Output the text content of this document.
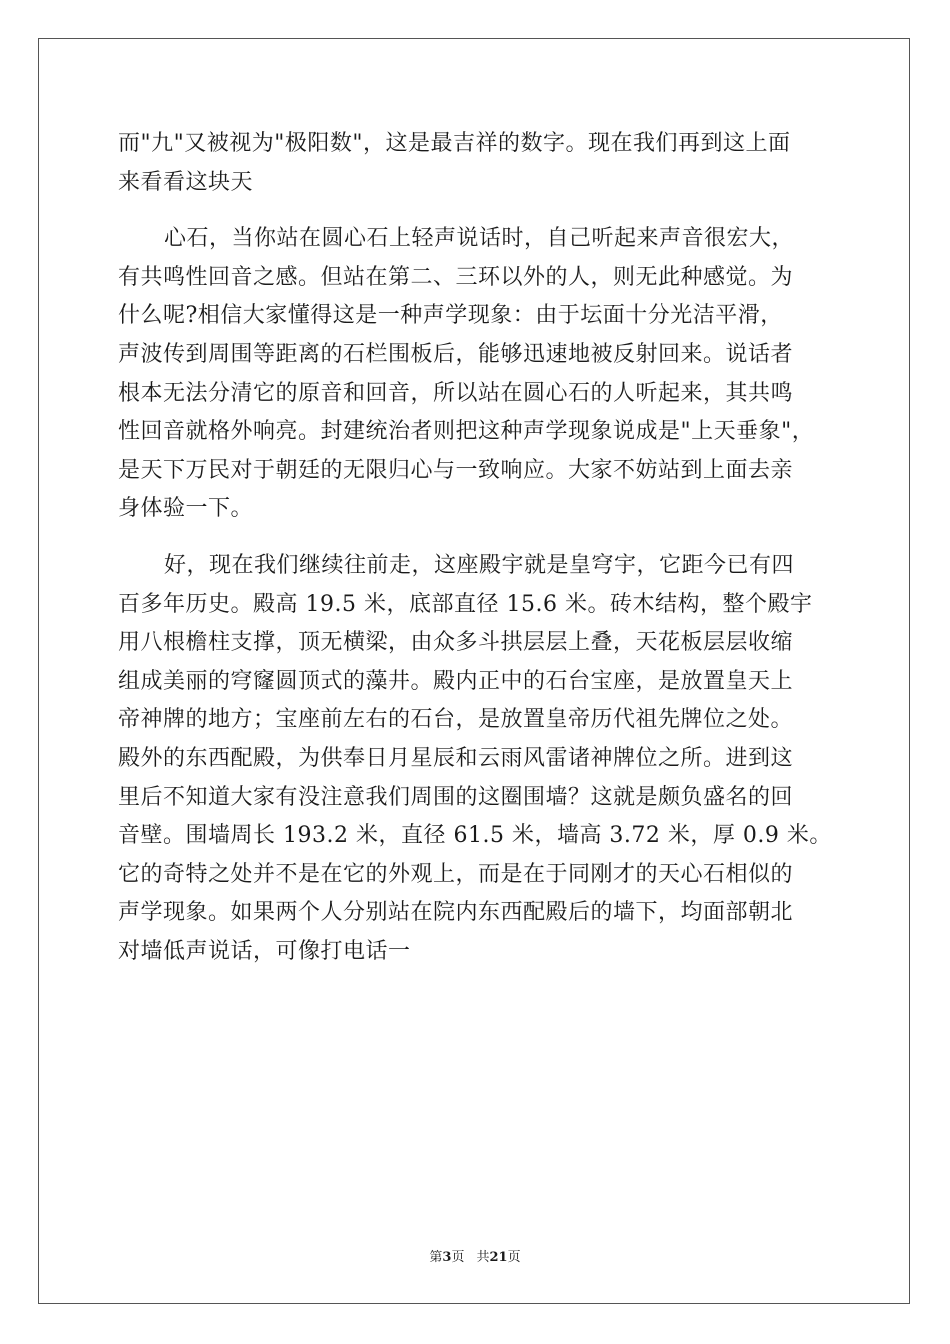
而"九"又被视为"极阳数"，这是最吉祥的数字。现在我们再到这上面
来看看这块天
心石，当你站在圆心石上轻声说话时，自己听起来声音很宏大，
有共鸣性回音之感。但站在第二、三环以外的人，则无此种感觉。为
什么呢?相信大家懂得这是一种声学现象：由于坛面十分光洁平滑，
声波传到周围等距离的石栏围板后，能够迅速地被反射回来。说话者
根本无法分清它的原音和回音，所以站在圆心石的人听起来，其共鸣
性回音就格外响亮。封建统治者则把这种声学现象说成是"上天垂象"，
是天下万民对于朝廷的无限归心与一致响应。大家不妨站到上面去亲
身体验一下。
好，现在我们继续往前走，这座殿宇就是皇穹宇，它距今已有四
百多年历史。殿高 19.5 米，底部直径 15.6 米。砖木结构，整个殿宇
用八根檐柱支撑，顶无横梁，由众多斗拱层层上叠，天花板层层收缩
组成美丽的穹窿圆顶式的藻井。殿内正中的石台宝座，是放置皇天上
帝神牌的地方；宝座前左右的石台，是放置皇帝历代祖先牌位之处。
殿外的东西配殿，为供奉日月星辰和云雨风雷诸神牌位之所。进到这
里后不知道大家有没注意我们周围的这圈围墙？这就是颇负盛名的回
音壁。围墙周长 193.2 米，直径 61.5 米，墙高 3.72 米，厚 0.9 米。
它的奇特之处并不是在它的外观上，而是在于同刚才的天心石相似的
声学现象。如果两个人分别站在院内东西配殿后的墙下，均面部朝北
对墙低声说话，可像打电话一
第3页 共21页
